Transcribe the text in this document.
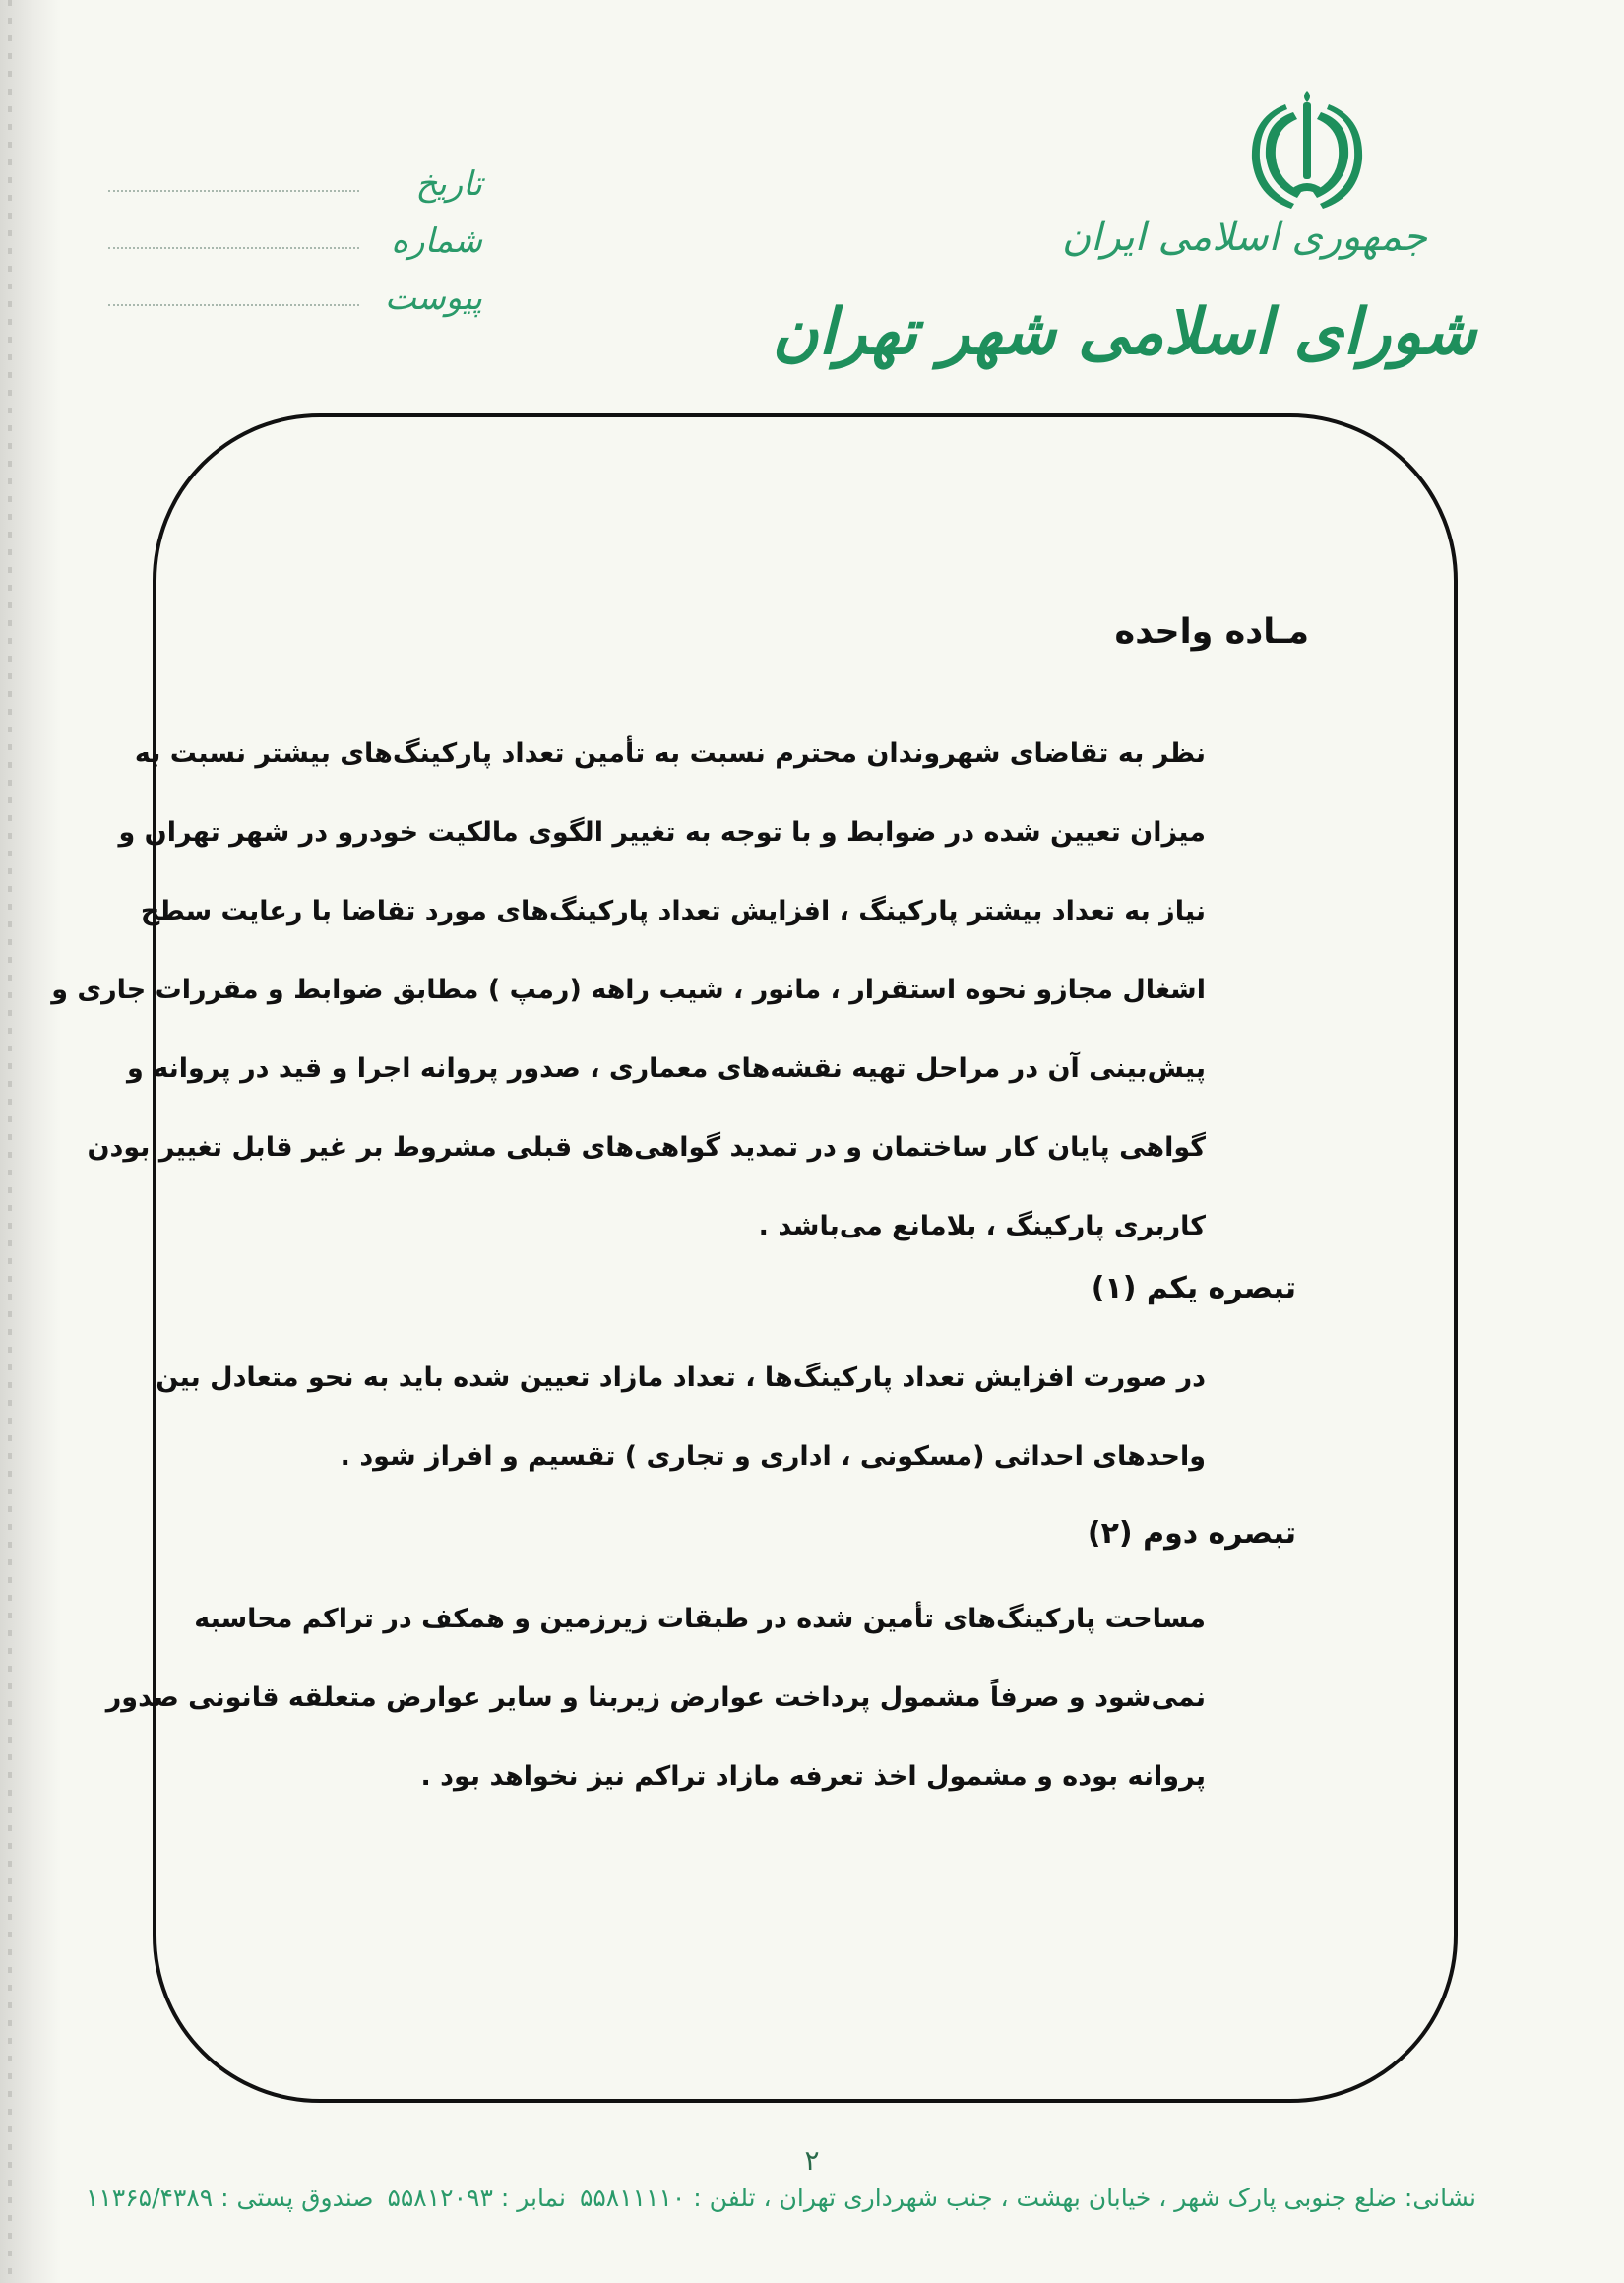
جمهوری اسلامی ایران
شورای اسلامی شهر تهران
تاریخ
شماره
پیوست
مـاده واحده

نظر به تقاضای شهروندان محترم نسبت به تأمین تعداد پارکینگ‌های بیشتر نسبت به

میزان تعیین شده در ضوابط و با توجه به تغییر الگوی مالکیت خودرو در شهر تهران و

نیاز به تعداد بیشتر پارکینگ ، افزایش تعداد پارکینگ‌های مورد تقاضا با رعایت سطح

اشغال مجازو نحوه استقرار ، مانور ، شیب راهه (رمپ ) مطابق ضوابط و مقررات جاری و

پیش‌بینی آن در مراحل تهیه نقشه‌های معماری ، صدور پروانه اجرا و قید در پروانه و

گواهی پایان کار ساختمان و در تمدید گواهی‌های قبلی مشروط بر غیر قابل تغییر بودن

کاربری پارکینگ ، بلامانع می‌باشد .

تبصره یکم (۱)

در صورت افزایش تعداد پارکینگ‌ها ، تعداد مازاد تعیین شده باید به نحو متعادل بین

واحدهای احداثی (مسکونی ، اداری و تجاری ) تقسیم و افراز شود .

تبصره دوم (۲)

مساحت پارکینگ‌های تأمین شده در طبقات زیرزمین و همکف در تراکم محاسبه

نمی‌شود و صرفاً مشمول پرداخت عوارض زیربنا و سایر عوارض متعلقه قانونی صدور

پروانه بوده و مشمول اخذ تعرفه مازاد تراکم نیز نخواهد بود .

۲
نشانی: ضلع جنوبی پارک شهر ، خیابان بهشت ، جنب شهرداری تهران ، تلفن : ۵۵۸۱۱۱۱۰ نمابر : ۵۵۸۱۲۰۹۳ صندوق پستی : ۱۱۳۶۵/۴۳۸۹
